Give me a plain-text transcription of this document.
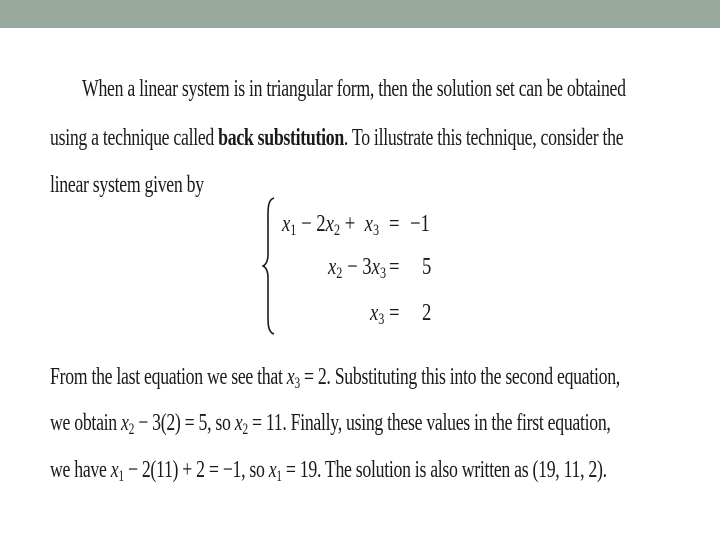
When a linear system is in triangular form, then the solution set can be obtained
using a technique called back substitution. To illustrate this technique, consider the
linear system given by
From the last equation we see that $x_3 = 2$. Substituting this into the second equation,
we obtain $x_2 - 3(2) = 5$, so $x_2 = 11$. Finally, using these values in the first equation,
we have $x_1 - 2(11) + 2 = -1$, so $x_1 = 19$. The solution is also written as (19, 11, 2).
$x_1 - 2x_2 + x_3 = -1$
$x_2 - 3x_3 = 5$
$x_3 = 2$
